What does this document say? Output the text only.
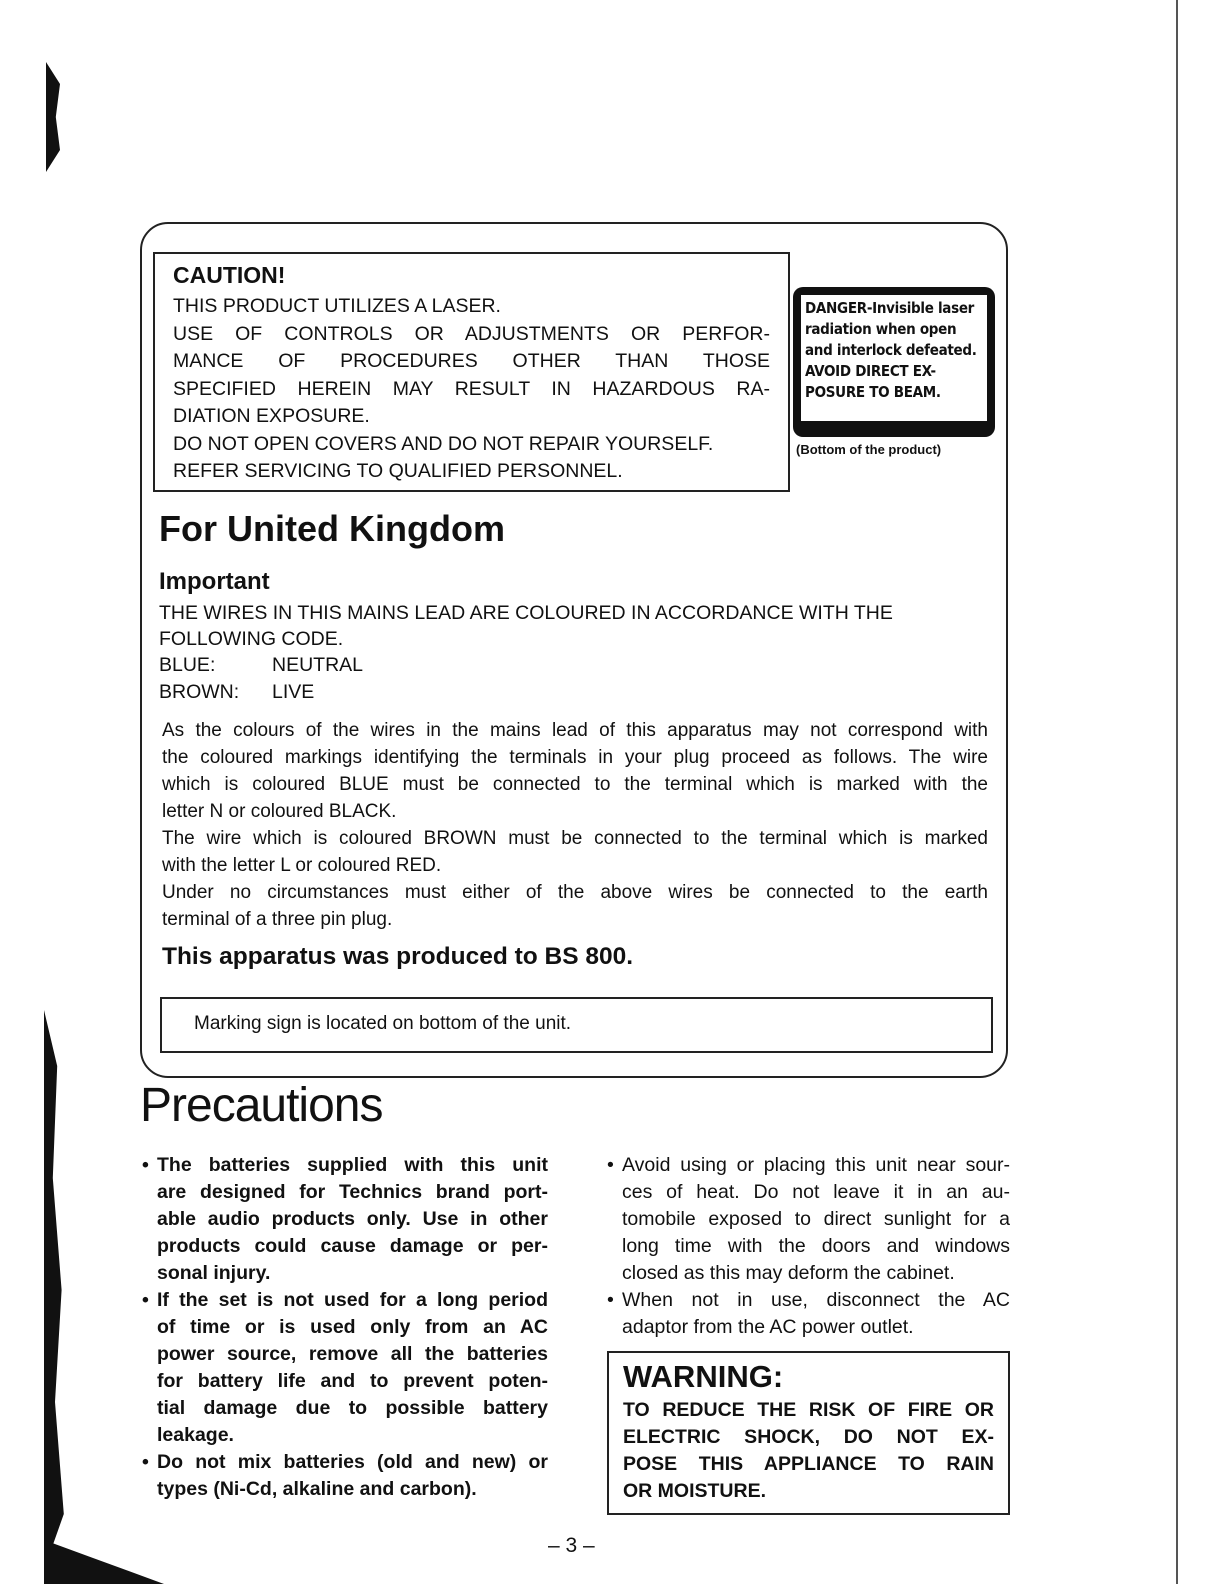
CAUTION!

THIS PRODUCT UTILIZES A LASER.

USE OF CONTROLS OR ADJUSTMENTS OR PERFOR-

MANCE OF PROCEDURES OTHER THAN THOSE

SPECIFIED HEREIN MAY RESULT IN HAZARDOUS RA-

DIATION EXPOSURE.

DO NOT OPEN COVERS AND DO NOT REPAIR YOURSELF.

REFER SERVICING TO QUALIFIED PERSONNEL.

DANGER-Invisible laser

radiation when open

and interlock defeated.

AVOID DIRECT EX-

POSURE TO BEAM.

(Bottom of the product)
For United Kingdom
Important

THE WIRES IN THIS MAINS LEAD ARE COLOURED IN ACCORDANCE WITH THE

FOLLOWING CODE.

BLUE:	NEUTRAL
BROWN:	LIVE

As the colours of the wires in the mains lead of this apparatus may not correspond with

the coloured markings identifying the terminals in your plug proceed as follows. The wire

which is coloured BLUE must be connected to the terminal which is marked with the

letter N or coloured BLACK.

The wire which is coloured BROWN must be connected to the terminal which is marked

with the letter L or coloured RED.

Under no circumstances must either of the above wires be connected to the earth

terminal of a three pin plug.

This apparatus was produced to BS 800.
Marking sign is located on bottom of the unit.
Precautions
• The batteries supplied with this unit
are designed for Technics brand port-
able audio products only. Use in other
products could cause damage or per-
sonal injury.
• If the set is not used for a long period
of time or is used only from an AC
power source, remove all the batteries
for battery life and to prevent poten-
tial damage due to possible battery
leakage.
• Do not mix batteries (old and new) or
types (Ni-Cd, alkaline and carbon).
• Avoid using or placing this unit near sour-
ces of heat. Do not leave it in an au-
tomobile exposed to direct sunlight for a
long time with the doors and windows
closed as this may deform the cabinet.
• When not in use, disconnect the AC
adaptor from the AC power outlet.

WARNING:

TO REDUCE THE RISK OF FIRE OR

ELECTRIC SHOCK, DO NOT EX-

POSE THIS APPLIANCE TO RAIN

OR MOISTURE.

– 3 –
